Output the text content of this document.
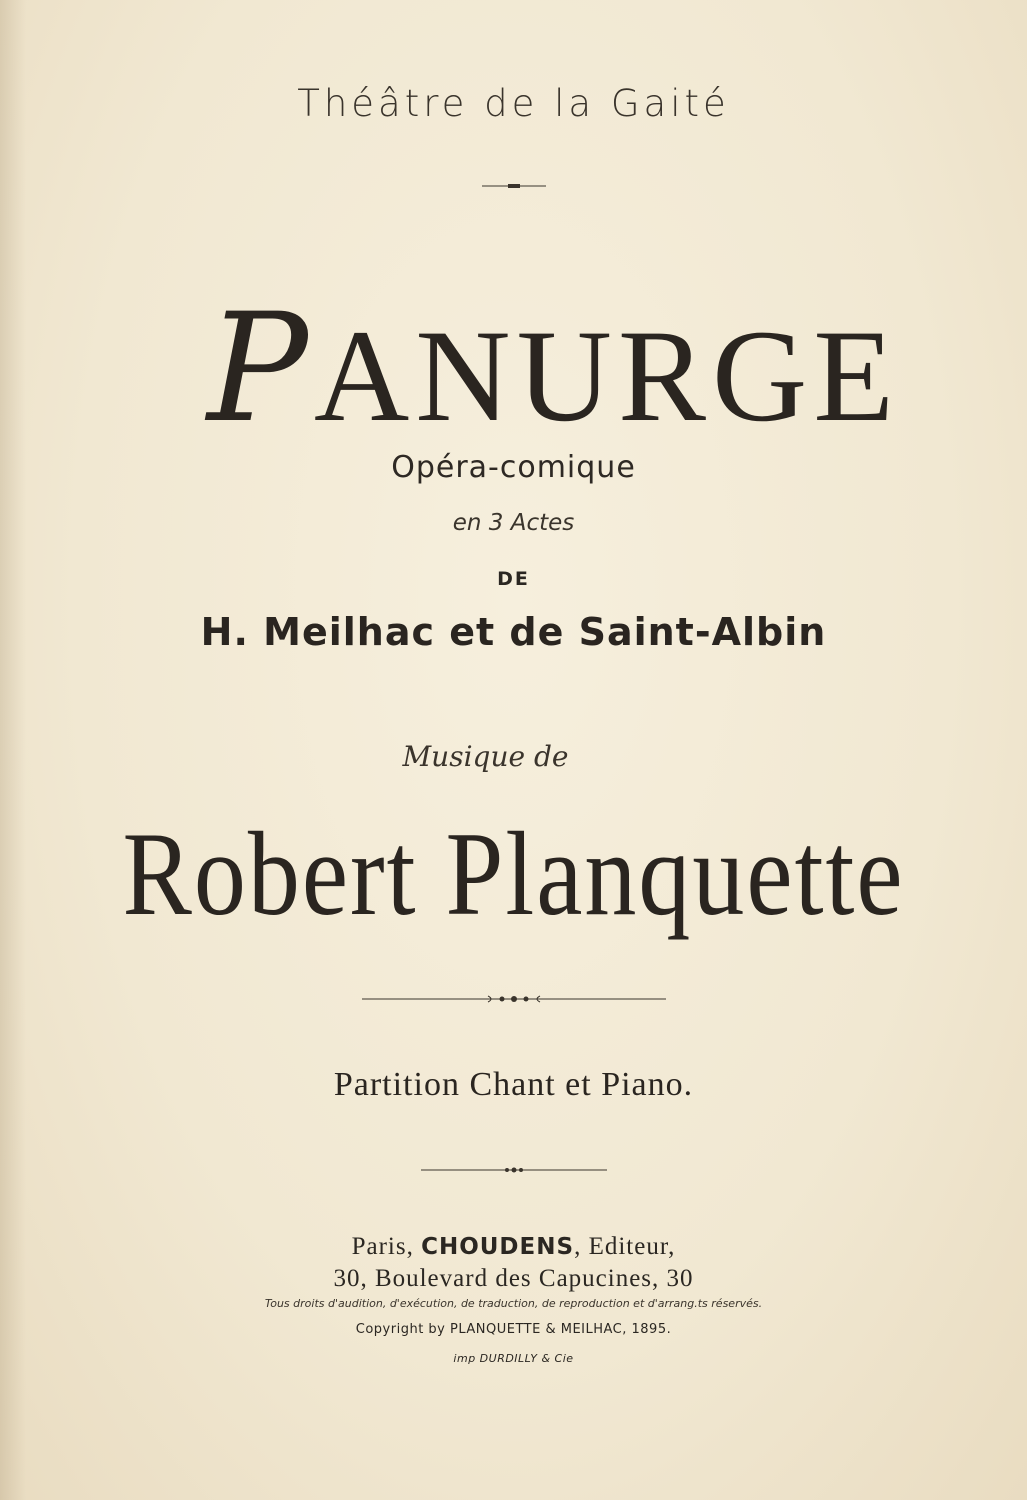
Théâtre de la Gaité
PANURGE
Opéra-comique
en 3 Actes
DE
H. Meilhac et de Saint-Albin
Musique de
Robert Planquette
Partition Chant et Piano.
Paris, CHOUDENS, Editeur,
30, Boulevard des Capucines, 30
Tous droits d'audition, d'exécution, de traduction, de reproduction et d'arrang.ts réservés.
Copyright by PLANQUETTE & MEILHAC, 1895.
imp DURDILLY & Cie
